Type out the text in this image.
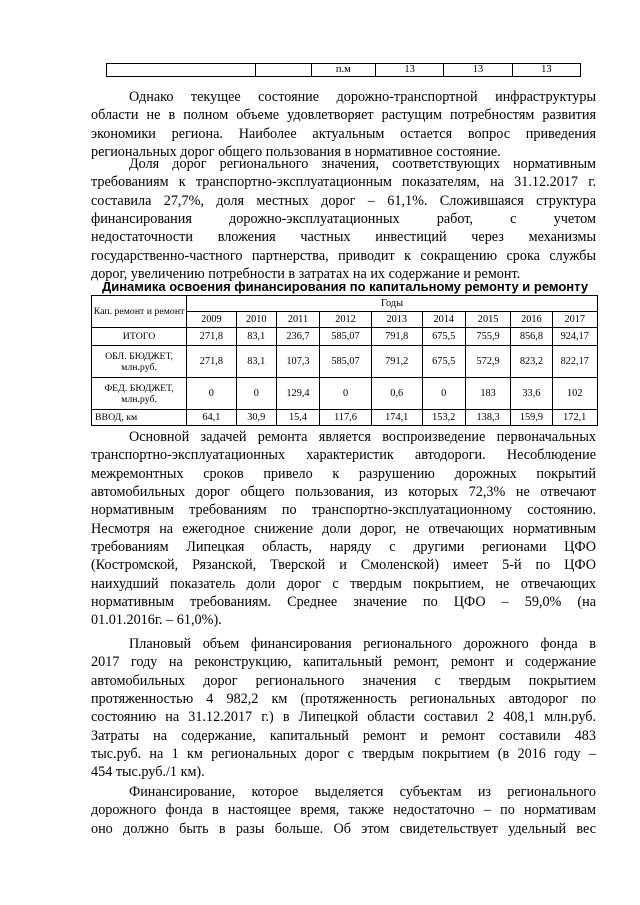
		п.м	13	13	13
Однако текущее состояние дорожно-транспортной инфраструктуры
области не в полном объеме удовлетворяет растущим потребностям развития
экономики региона. Наиболее актуальным остается вопрос приведения
региональных дорог общего пользования в нормативное состояние.
Доля дорог регионального значения, соответствующих нормативным
требованиям к транспортно-эксплуатационным показателям, на 31.12.2017 г.
составила 27,7%, доля местных дорог – 61,1%. Сложившаяся структура
финансирования дорожно-эксплуатационных работ, с учетом
недостаточности вложения частных инвестиций через механизмы
государственно-частного партнерства, приводит к сокращению срока службы
дорог, увеличению потребности в затратах на их содержание и ремонт.
Динамика освоения финансирования по капитальному ремонту и ремонту
Кап. ремонт и ремонт	Годы								
	2009	2010	2011	2012	2013	2014	2015	2016	2017
ИТОГО	271,8	83,1	236,7	585,07	791,8	675,5	755,9	856,8	924,17
ОБЛ. БЮДЖЕТ, млн.руб.	271,8	83,1	107,3	585,07	791,2	675,5	572,9	823,2	822,17
ФЕД. БЮДЖЕТ, млн.руб.	0	0	129,4	0	0,6	0	183	33,6	102
ВВОД, км	64,1	30,9	15,4	117,6	174,1	153,2	138,3	159,9	172,1
Основной задачей ремонта является воспроизведение первоначальных
транспортно-эксплуатационных характеристик автодороги. Несоблюдение
межремонтных сроков привело к разрушению дорожных покрытий
автомобильных дорог общего пользования, из которых 72,3% не отвечают
нормативным требованиям по транспортно-эксплуатационному состоянию.
Несмотря на ежегодное снижение доли дорог, не отвечающих нормативным
требованиям Липецкая область, наряду с другими регионами ЦФО
(Костромской, Рязанской, Тверской и Смоленской) имеет 5-й по ЦФО
наихудший показатель доли дорог с твердым покрытием, не отвечающих
нормативным требованиям. Среднее значение по ЦФО – 59,0% (на
01.01.2016г. – 61,0%).
Плановый объем финансирования регионального дорожного фонда в
2017 году на реконструкцию, капитальный ремонт, ремонт и содержание
автомобильных дорог регионального значения с твердым покрытием
протяженностью 4 982,2 км (протяженность региональных автодорог по
состоянию на 31.12.2017 г.) в Липецкой области составил 2 408,1 млн.руб.
Затраты на содержание, капитальный ремонт и ремонт составили 483
тыс.руб. на 1 км региональных дорог с твердым покрытием (в 2016 году –
454 тыс.руб./1 км).
Финансирование, которое выделяется субъектам из регионального
дорожного фонда в настоящее время, также недостаточно – по нормативам
оно должно быть в разы больше. Об этом свидетельствует удельный вес
